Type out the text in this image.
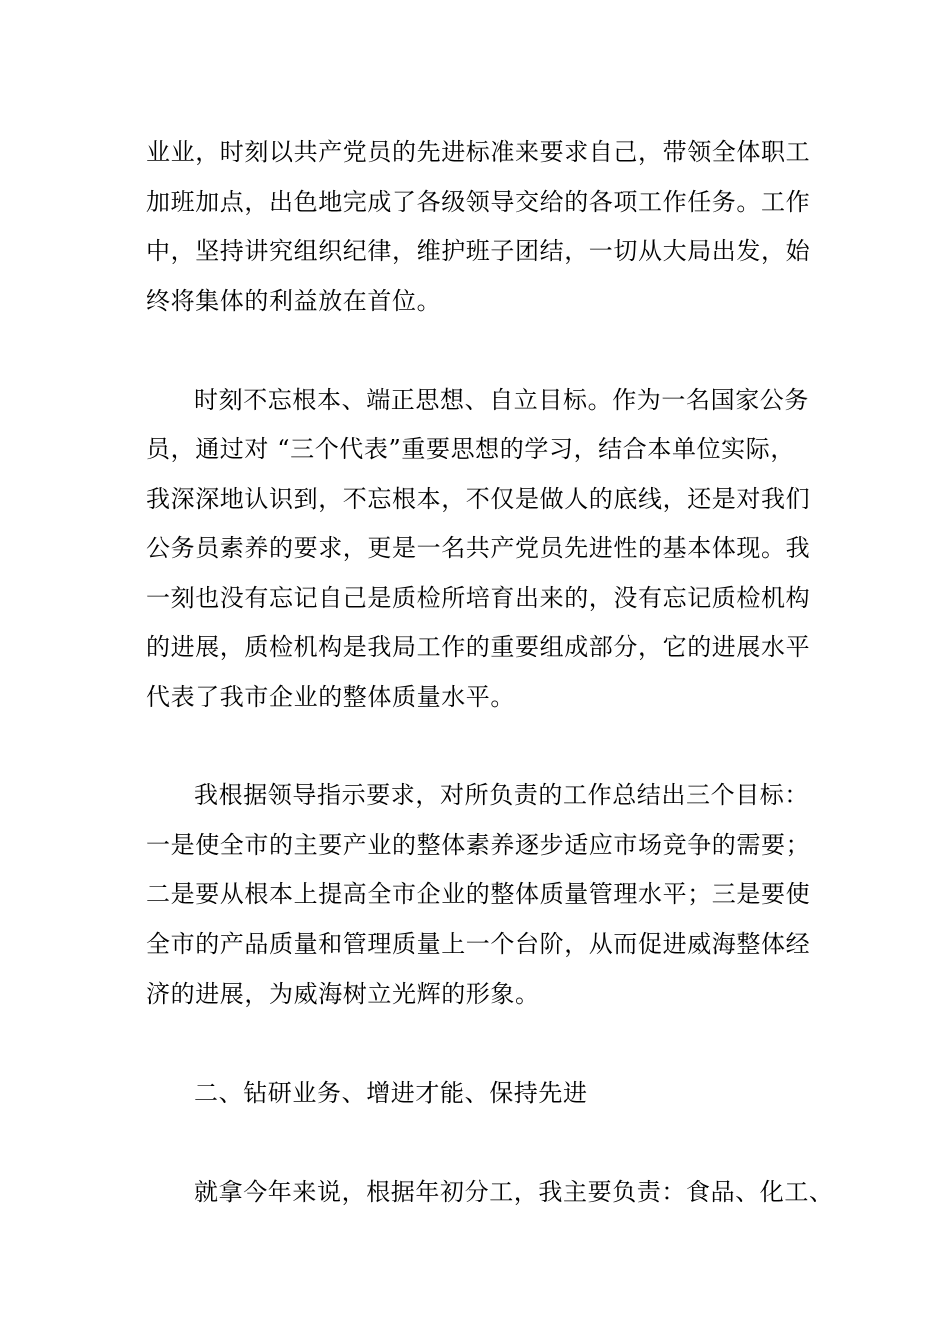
业业，时刻以共产党员的先进标准来要求自己，带领全体职工

加班加点，出色地完成了各级领导交给的各项工作任务。工作

中，坚持讲究组织纪律，维护班子团结，一切从大局出发，始

终将集体的利益放在首位。

时刻不忘根本、端正思想、自立目标。作为一名国家公务

员，通过对 “三个代表”重要思想的学习，结合本单位实际，

我深深地认识到，不忘根本，不仅是做人的底线，还是对我们

公务员素养的要求，更是一名共产党员先进性的基本体现。我

一刻也没有忘记自己是质检所培育出来的，没有忘记质检机构

的进展，质检机构是我局工作的重要组成部分，它的进展水平

代表了我市企业的整体质量水平。

我根据领导指示要求，对所负责的工作总结出三个目标：

一是使全市的主要产业的整体素养逐步适应市场竞争的需要；

二是要从根本上提高全市企业的整体质量管理水平；三是要使

全市的产品质量和管理质量上一个台阶，从而促进威海整体经

济的进展，为威海树立光辉的形象。

二、钻研业务、增进才能、保持先进

就拿今年来说，根据年初分工，我主要负责：食品、化工、
